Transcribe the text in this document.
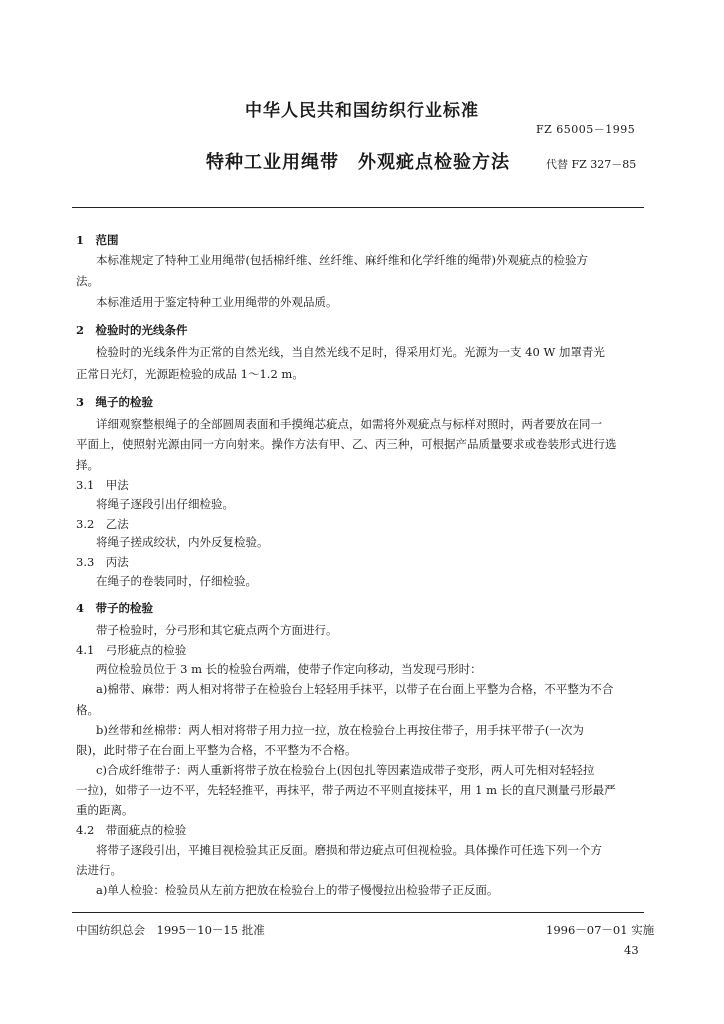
中华人民共和国纺织行业标准
FZ 65005－1995
特种工业用绳带　外观疵点检验方法	代替 FZ 327－85
1　范围
本标准规定了特种工业用绳带(包括棉纤维、丝纤维、麻纤维和化学纤维的绳带)外观疵点的检验方
法。
本标准适用于鉴定特种工业用绳带的外观品质。
2　检验时的光线条件
检验时的光线条件为正常的自然光线，当自然光线不足时，得采用灯光。光源为一支 40 W 加罩青光
正常日光灯，光源距检验的成品 1～1.2 m。
3　绳子的检验
详细观察整根绳子的全部圆周表面和手摸绳芯疵点，如需将外观疵点与标样对照时，两者要放在同一
平面上，使照射光源由同一方向射来。操作方法有甲、乙、丙三种，可根据产品质量要求或卷装形式进行选
择。
3.1　甲法
将绳子逐段引出仔细检验。
3.2　乙法
将绳子搓成绞状，内外反复检验。
3.3　丙法
在绳子的卷装同时，仔细检验。
4　带子的检验
带子检验时，分弓形和其它疵点两个方面进行。
4.1　弓形疵点的检验
两位检验员位于 3 m 长的检验台两端，使带子作定向移动，当发现弓形时：
a)棉带、麻带：两人相对将带子在检验台上轻轻用手抹平，以带子在台面上平整为合格，不平整为不合
格。
b)丝带和丝棉带：两人相对将带子用力拉一拉，放在检验台上再按住带子，用手抹平带子(一次为
限)，此时带子在台面上平整为合格，不平整为不合格。
c)合成纤维带子：两人重新将带子放在检验台上(因包扎等因素造成带子变形，两人可先相对轻轻拉
一拉)，如带子一边不平，先轻轻推平，再抹平，带子两边不平则直接抹平，用 1 m 长的直尺测量弓形最严
重的距离。
4.2　带面疵点的检验
将带子逐段引出，平摊目视检验其正反面。磨损和带边疵点可但视检验。具体操作可任选下列一个方
法进行。
a)单人检验：检验员从左前方把放在检验台上的带子慢慢拉出检验带子正反面。
中国纺织总会　1995－10－15 批准	1996－07－01 实施
43
